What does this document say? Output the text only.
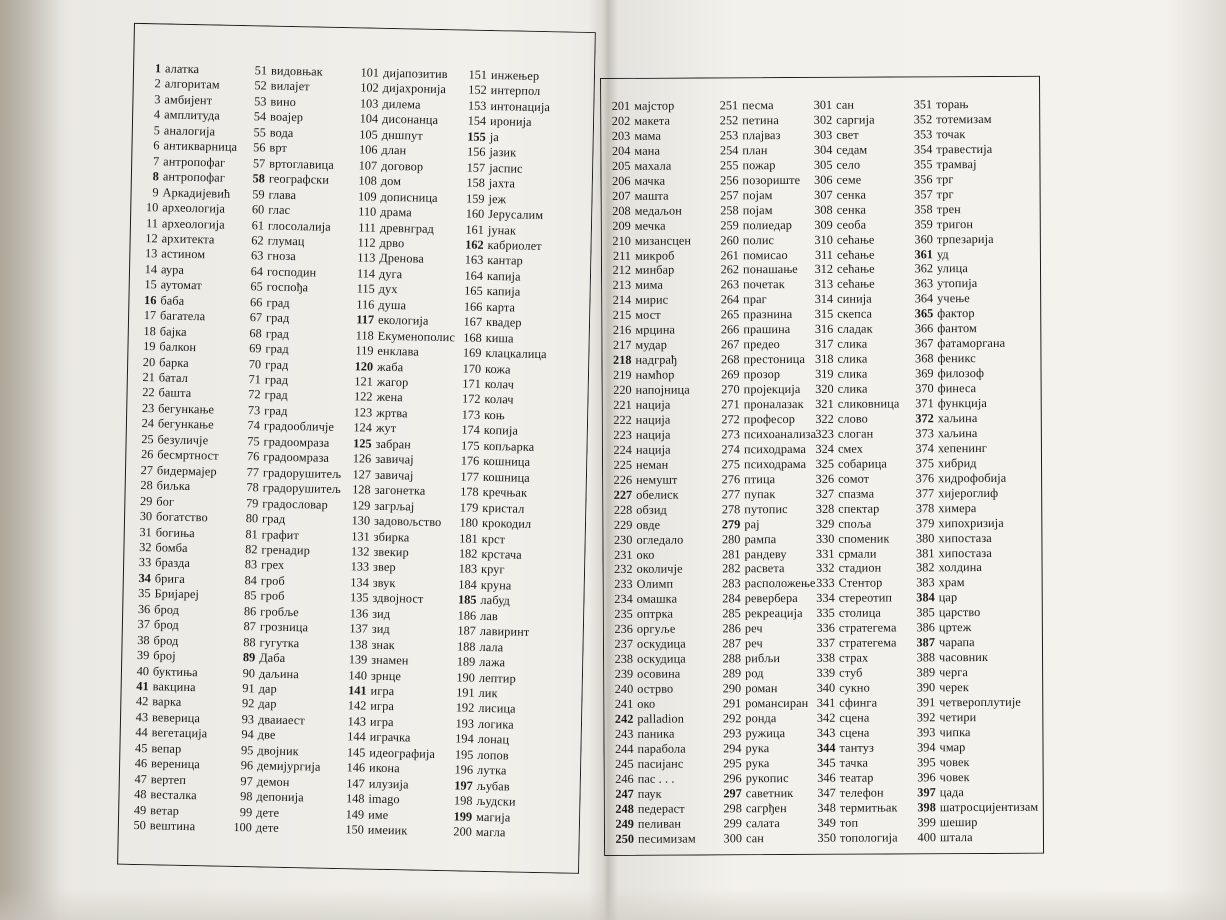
1 алатка
2 алгоритам
3 амбијент
4 амплитуда
5 аналогија
6 антикварница
7 антропофаг
8 антропофаг
9 Аркадијевић
10 археологија
11 археологија
12 архитекта
13 астином
14 аура
15 аутомат
16 баба
17 багатела
18 бајка
19 балкон
20 барка
21 батал
22 башта
23 бегункање
24 бегункање
25 безуличје
26 бесмртност
27 бидермајер
28 биљка
29 бог
30 богатство
31 богиња
32 бомба
33 бразда
34 брига
35 Бријареј
36 брод
37 брод
38 брод
39 број
40 буктиња
41 вакцина
42 варка
43 веверица
44 вегетација
45 вепар
46 вереница
47 вертеп
48 весталка
49 ветар
50 вештина
51 видовњак
52 вилајет
53 вино
54 воајер
55 вода
56 врт
57 вртоглавица
58 географски
59 глава
60 глас
61 глосолалија
62 глумац
63 гноза
64 господин
65 госпођа
66 град
67 град
68 град
69 град
70 град
71 град
72 град
73 град
74 градообличје
75 градоомраза
76 градоомраза
77 градорушитељ
78 градорушитељ
79 градословар
80 град
81 графит
82 гренадир
83 грех
84 гроб
85 гроб
86 гробље
87 грозница
88 гугутка
89 Даба
90 даљина
91 дар
92 дар
93 дваиаест
94 две
95 двојник
96 демијургија
97 демон
98 депонија
99 дете
100 дете
101 дијапозитив
102 дијахронија
103 дилема
104 дисонанца
105 дншпут
106 длан
107 договор
108 дом
109 дописница
110 драма
111 древнград
112 дрво
113 Дренова
114 дуга
115 дух
116 душа
117 екологија
118 Екуменополис
119 енклава
120 жаба
121 жагор
122 жена
123 жртва
124 жут
125 забран
126 завичај
127 завичај
128 загонетка
129 загрљај
130 задовољство
131 збирка
132 звекир
133 звер
134 звук
135 здвојност
136 зид
137 зид
138 знак
139 знамен
140 зрнце
141 игра
142 игра
143 игра
144 играчка
145 идеографија
146 икона
147 илузија
148 imago
149 име
150 имеиик
151 инжењер
152 интерпол
153 интонација
154 иронија
155 ја
156 јазик
157 јаспис
158 јахта
159 јеж
160 Јерусалим
161 јунак
162 кабриолет
163 кантар
164 капија
165 капија
166 карта
167 квадер
168 киша
169 клацкалица
170 кожа
171 колач
172 колач
173 коњ
174 копија
175 копљарка
176 кошница
177 кошница
178 кречњак
179 кристал
180 крокодил
181 крст
182 крстача
183 круг
184 круна
185 лабуд
186 лав
187 лавиринт
188 лала
189 лажа
190 лептир
191 лик
192 лисица
193 логика
194 лонац
195 лопов
196 лутка
197 љубав
198 људски
199 магија
200 магла
201 мајстор
202 макета
203 мама
204 мана
205 махала
206 мачка
207 машта
208 медаљон
209 мечка
210 мизансцен
211 микроб
212 минбар
213 мима
214 мирис
215 мост
216 мрцина
217 мудар
218 надграђ
219 намћор
220 напојница
221 нација
222 нација
223 нација
224 нација
225 неман
226 немушт
227 обелиск
228 обзид
229 овде
230 огледало
231 око
232 околичје
233 Олимп
234 омашка
235 оптрка
236 оргуље
237 оскудица
238 оскудица
239 осовина
240 острво
241 око
242 palladion
243 паника
244 парабола
245 пасијанс
246 пас . . .
247 паук
248 педераст
249 пеливан
250 песимизам
251 песма
252 петина
253 плајваз
254 план
255 пожар
256 позориште
257 појам
258 појам
259 полиедар
260 полис
261 помисао
262 понашање
263 почетак
264 праг
265 празнина
266 прашина
267 предео
268 престоница
269 прозор
270 пројекција
271 проналазак
272 професор
273 психоанализа
274 психодрама
275 психодрама
276 птица
277 пупак
278 путопис
279 рај
280 рампа
281 рандеву
282 расвета
283 расположење
284 реверберa
285 рекреација
286 реч
287 реч
288 рибљи
289 род
290 роман
291 романсиран
292 ронда
293 ружица
294 рука
295 рука
296 рукопис
297 саветник
298 сагрђен
299 салата
300 сан
301 сан
302 саргија
303 свет
304 седам
305 село
306 семе
307 сенка
308 сенка
309 сеоба
310 сећање
311 сећање
312 сећање
313 сећање
314 синија
315 скепса
316 сладак
317 слика
318 слика
319 слика
320 слика
321 сликовница
322 слово
323 слоган
324 смех
325 собарица
326 сомот
327 спазма
328 спектар
329 споља
330 споменик
331 срмали
332 стадион
333 Стентор
334 стереотип
335 столица
336 стратегема
337 стратегема
338 страх
339 стуб
340 сукно
341 сфинга
342 сцена
343 сцена
344 тантуз
345 тачка
346 театар
347 телефон
348 термитњак
349 топ
350 топологија
351 торањ
352 тотемизам
353 точак
354 травестија
355 трамвај
356 трг
357 трг
358 трен
359 тригон
360 трпезарија
361 уд
362 улица
363 утопија
364 учење
365 фактор
366 фантом
367 фатаморгана
368 феникс
369 филозоф
370 финеса
371 функција
372 хаљина
373 хаљина
374 хепенинг
375 хибрид
376 хидрофобија
377 хијероглиф
378 химера
379 хипохризија
380 хипостаза
381 хипостаза
382 холдина
383 храм
384 цар
385 царство
386 цртеж
387 чарапа
388 часовник
389 черга
390 черек
391 четвероплутије
392 четири
393 чипка
394 чмар
395 човек
396 човек
397 цада
398 шатросцијентизам
399 шешир
400 штала
